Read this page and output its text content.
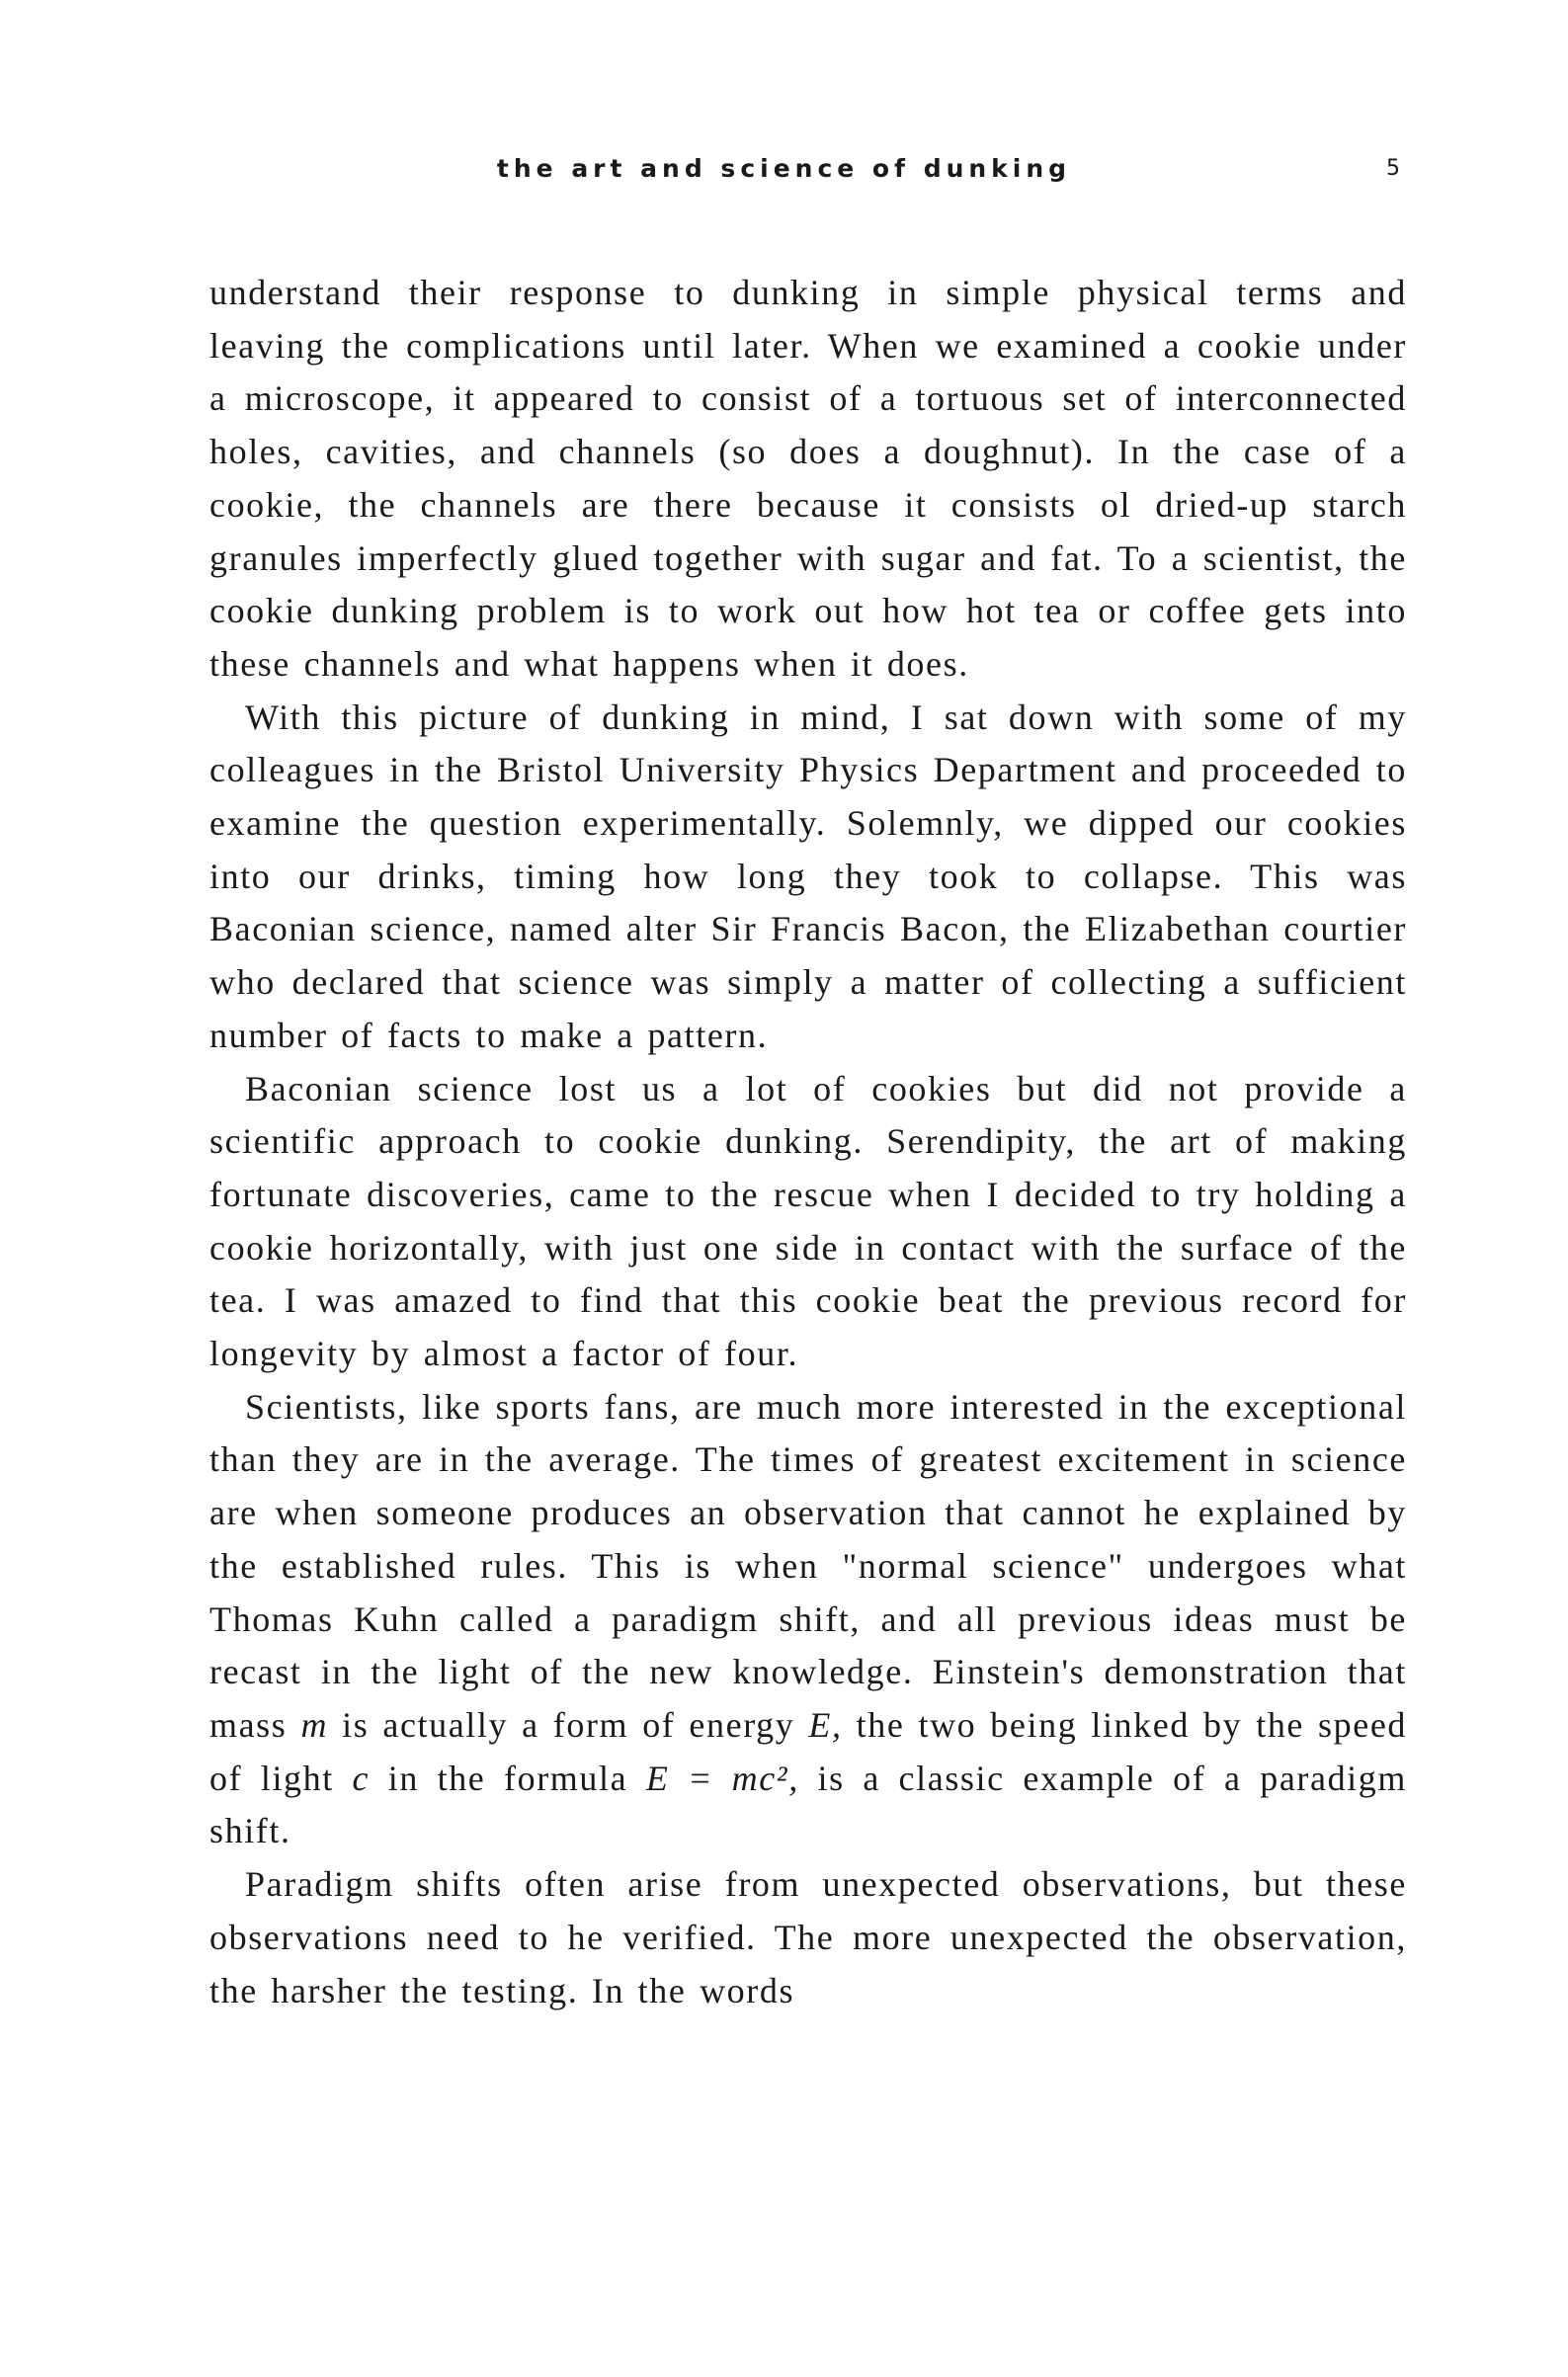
the art and science of dunking	5

understand their response to dunking in simple physical terms and leaving the complications until later. When we examined a cookie under a microscope, it appeared to consist of a tortuous set of interconnected holes, cavities, and channels (so does a doughnut). In the case of a cookie, the channels are there because it consists ol dried-up starch granules imperfectly glued together with sugar and fat. To a scientist, the cookie dunking problem is to work out how hot tea or coffee gets into these channels and what happens when it does.

With this picture of dunking in mind, I sat down with some of my colleagues in the Bristol University Physics Department and proceeded to examine the question experimentally. Solemnly, we dipped our cookies into our drinks, timing how long they took to collapse. This was Baconian science, named alter Sir Francis Bacon, the Elizabethan courtier who declared that science was simply a matter of collecting a sufficient number of facts to make a pattern.

Baconian science lost us a lot of cookies but did not provide a scientific approach to cookie dunking. Serendipity, the art of making fortunate discoveries, came to the rescue when I decided to try holding a cookie horizontally, with just one side in contact with the surface of the tea. I was amazed to find that this cookie beat the previous record for longevity by almost a factor of four.

Scientists, like sports fans, are much more interested in the exceptional than they are in the average. The times of greatest excitement in science are when someone produces an observation that cannot he explained by the established rules. This is when "normal science" undergoes what Thomas Kuhn called a paradigm shift, and all previous ideas must be recast in the light of the new knowledge. Einstein's demonstration that mass m is actually a form of energy E, the two being linked by the speed of light c in the formula E = mc², is a classic example of a paradigm shift.

Paradigm shifts often arise from unexpected observations, but these observations need to he verified. The more unexpected the observation, the harsher the testing. In the words
